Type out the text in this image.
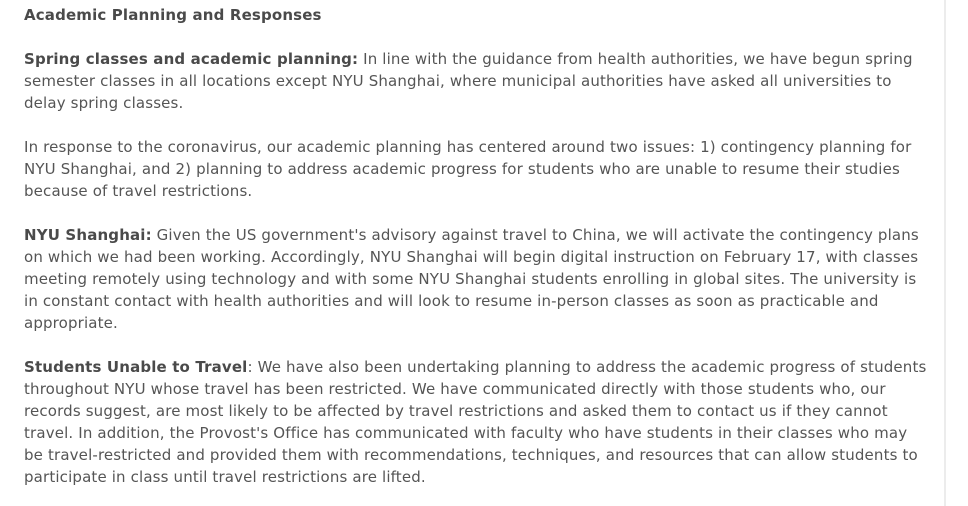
Academic Planning and Responses

Spring classes and academic planning: In line with the guidance from health authorities, we have begun spring semester classes in all locations except NYU Shanghai, where municipal authorities have asked all universities to delay spring classes.

In response to the coronavirus, our academic planning has centered around two issues: 1) contingency planning for NYU Shanghai, and 2) planning to address academic progress for students who are unable to resume their studies because of travel restrictions.

NYU Shanghai: Given the US government's advisory against travel to China, we will activate the contingency plans on which we had been working. Accordingly, NYU Shanghai will begin digital instruction on February 17, with classes meeting remotely using technology and with some NYU Shanghai students enrolling in global sites. The university is in constant contact with health authorities and will look to resume in-person classes as soon as practicable and appropriate.

Students Unable to Travel: We have also been undertaking planning to address the academic progress of students throughout NYU whose travel has been restricted. We have communicated directly with those students who, our records suggest, are most likely to be affected by travel restrictions and asked them to contact us if they cannot travel. In addition, the Provost's Office has communicated with faculty who have students in their classes who may be travel-restricted and provided them with recommendations, techniques, and resources that can allow students to participate in class until travel restrictions are lifted.
